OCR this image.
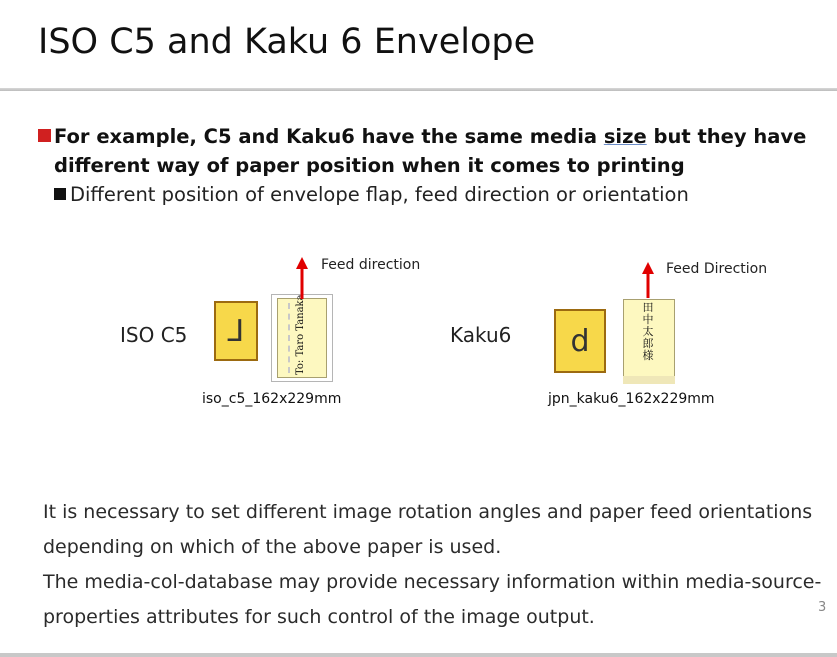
ISO C5 and Kaku 6 Envelope
For example, C5 and Kaku6 have the same media size but they have different way of paper position when it comes to printing
Different position of envelope flap, feed direction or orientation
ISO C5 ⅃	To: Taro Tanaka
Feed direction
iso_c5_162x229mm
Kaku6 d
田中太郎様
Feed Direction
jpn_kaku6_162x229mm
It is necessary to set different image rotation angles and paper feed orientations depending on which of the above paper is used.
The media-col-database may provide necessary information within media-source-properties attributes for such control of the image output.	3
